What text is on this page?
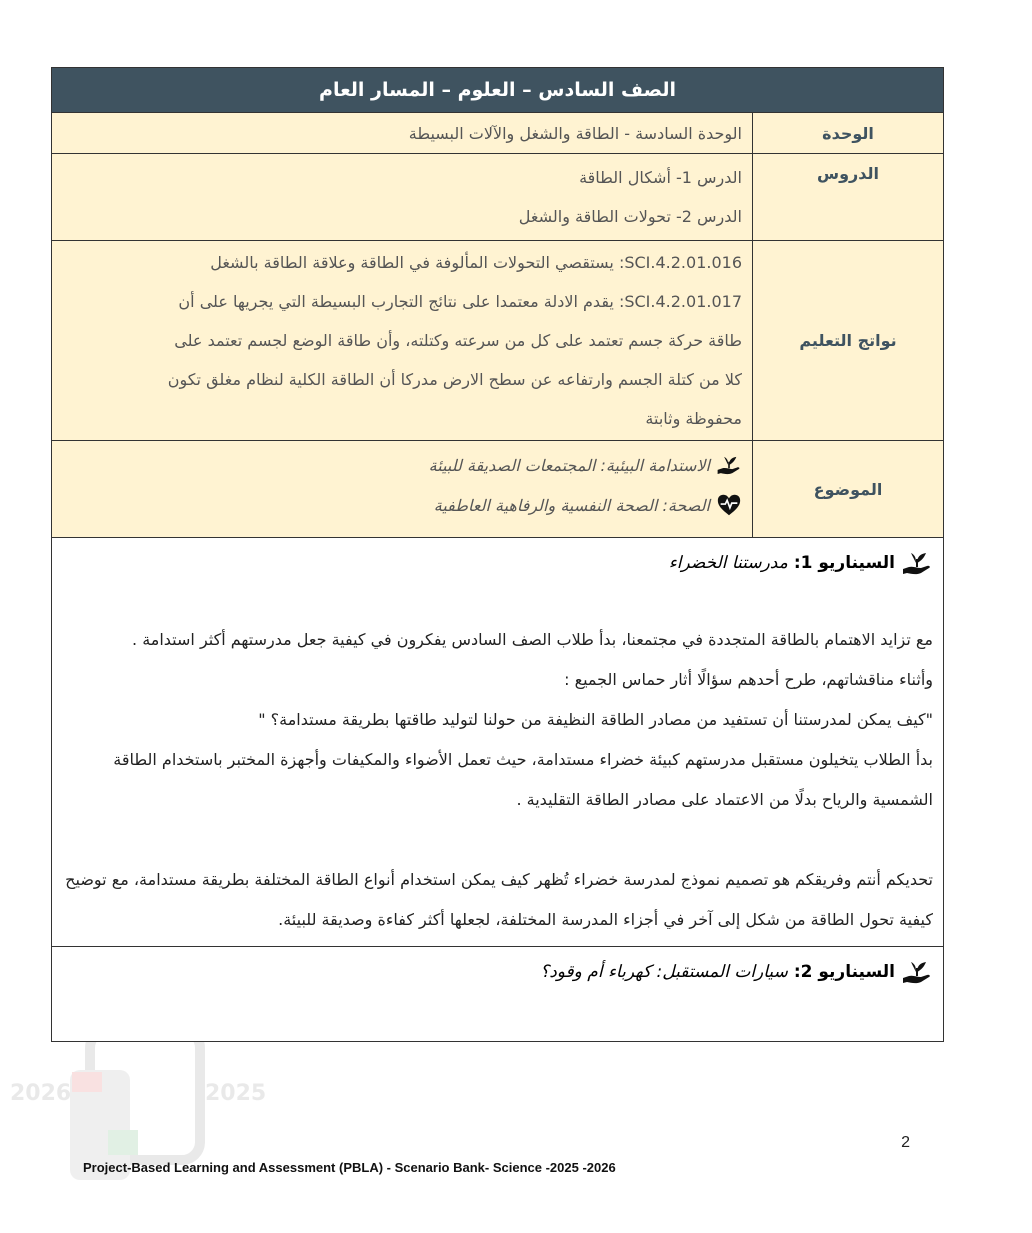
2026	2025
الصف السادس – العلوم – المسار العام
الوحدة
الوحدة السادسة - الطاقة والشغل والآلات البسيطة
الدروس
الدرس 1- أشكال الطاقة
الدرس 2- تحولات الطاقة والشغل
نواتج التعليم
SCI.4.2.01.016: يستقصي التحولات المألوفة في الطاقة وعلاقة الطاقة بالشغل
SCI.4.2.01.017: يقدم الادلة معتمدا على نتائج التجارب البسيطة التي يجريها على أن
طاقة حركة جسم تعتمد على كل من سرعته وكتلته، وأن طاقة الوضع لجسم تعتمد على
كلا من كتلة الجسم وارتفاعه عن سطح الارض مدركا أن الطاقة الكلية لنظام مغلق تكون
محفوظة وثابتة
الموضوع
الاستدامة البيئية: المجتمعات الصديقة للبيئة
الصحة: الصحة النفسية والرفاهية العاطفية
السيناريو 1:
مدرستنا الخضراء
مع تزايد الاهتمام بالطاقة المتجددة في مجتمعنا، بدأ طلاب الصف السادس يفكرون في كيفية جعل مدرستهم أكثر استدامة .
وأثناء مناقشاتهم، طرح أحدهم سؤالًا أثار حماس الجميع :
"كيف يمكن لمدرستنا أن تستفيد من مصادر الطاقة النظيفة من حولنا لتوليد طاقتها بطريقة مستدامة؟ "
بدأ الطلاب يتخيلون مستقبل مدرستهم كبيئة خضراء مستدامة، حيث تعمل الأضواء والمكيفات وأجهزة المختبر باستخدام الطاقة الشمسية والرياح بدلًا من الاعتماد على مصادر الطاقة التقليدية .
تحديكم أنتم وفريقكم هو تصميم نموذج لمدرسة خضراء تُظهر كيف يمكن استخدام أنواع الطاقة المختلفة بطريقة مستدامة، مع توضيح كيفية تحول الطاقة من شكل إلى آخر في أجزاء المدرسة المختلفة، لجعلها أكثر كفاءة وصديقة للبيئة.
السيناريو 2:
سيارات المستقبل: كهرباء أم وقود؟
2
Project-Based Learning and Assessment (PBLA) - Scenario Bank- Science -2025 -2026
